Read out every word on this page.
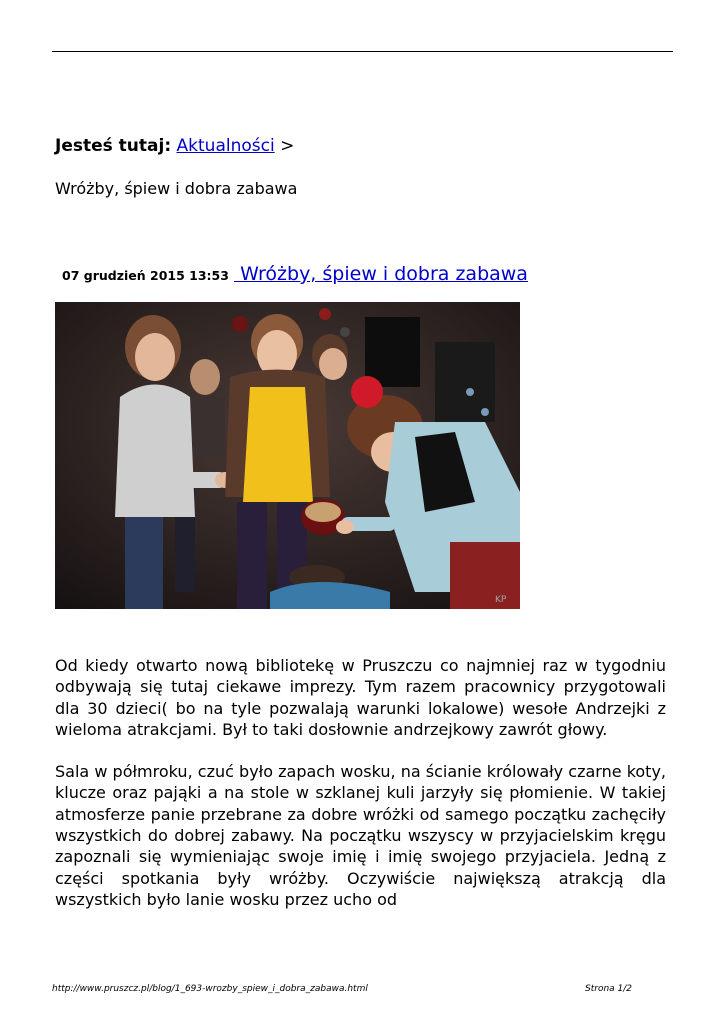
Jesteś tutaj: Aktualności >
Wróżby, śpiew i dobra zabawa
07 grudzień 2015 13:53 Wróżby, śpiew i dobra zabawa
KP

Od kiedy otwarto nową bibliotekę w Pruszczu co najmniej raz w tygodniu odbywają się tutaj ciekawe imprezy. Tym razem pracownicy przygotowali dla 30 dzieci( bo na tyle pozwalają warunki lokalowe) wesołe Andrzejki z wieloma atrakcjami. Był to taki dosłownie andrzejkowy zawrót głowy.

Sala w półmroku, czuć było zapach wosku, na ścianie królowały czarne koty, klucze oraz pająki a na stole w szklanej kuli jarzyły się płomienie. W takiej atmosferze panie przebrane za dobre wróżki od samego początku zachęciły wszystkich do dobrej zabawy. Na początku wszyscy w przyjacielskim kręgu zapoznali się wymieniając swoje imię i imię swojego przyjaciela. Jedną z części spotkania były wróżby. Oczywiście największą atrakcją dla wszystkich było lanie wosku przez ucho od

http://www.pruszcz.pl/blog/1_693-wrozby_spiew_i_dobra_zabawa.html	Strona 1/2
